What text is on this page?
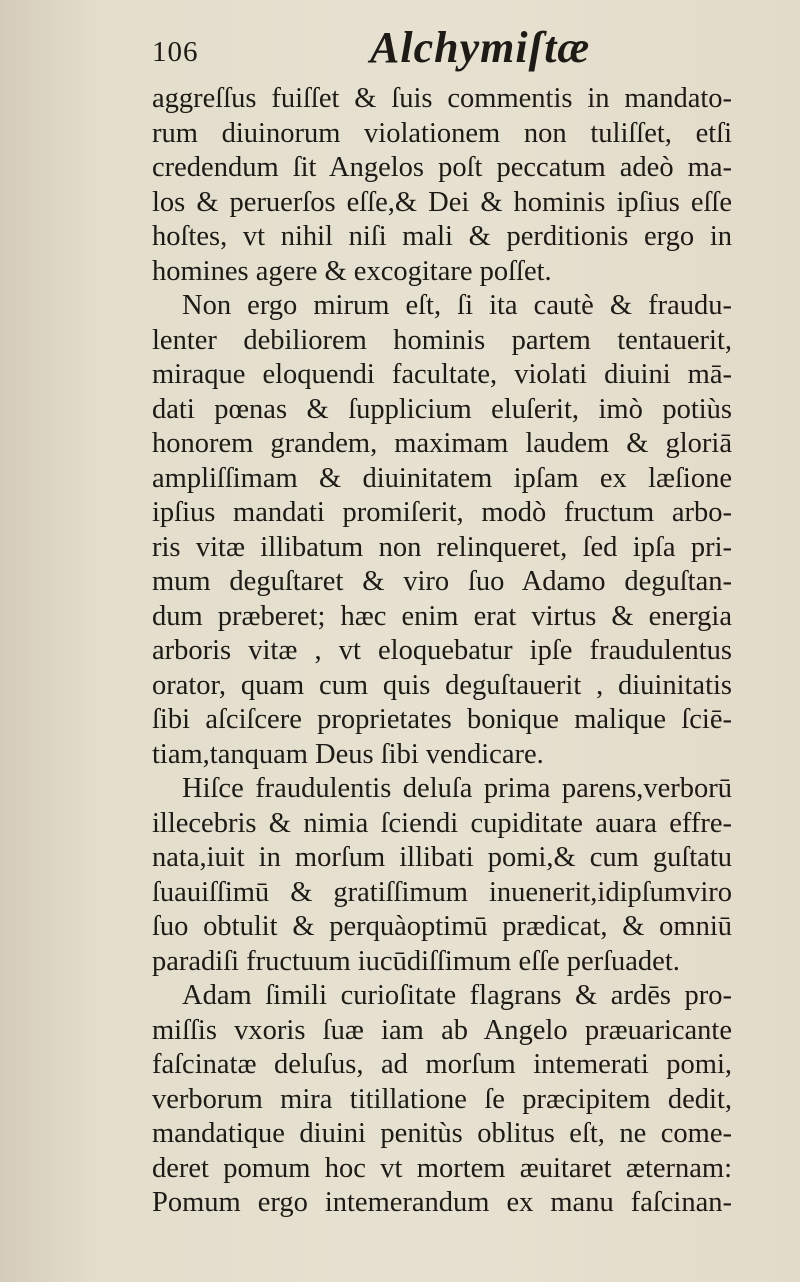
106	Alchymiſtæ
aggreſſus fuiſſet & ſuis commentis in mandato-
rum diuinorum violationem non tuliſſet, etſi
credendum ſit Angelos poſt peccatum adeò ma-
los & peruerſos eſſe,& Dei & hominis ipſius eſſe
hoſtes, vt nihil niſi mali & perditionis ergo in
homines agere & excogitare poſſet.
Non ergo mirum eſt, ſi ita cautè & fraudu-
lenter debiliorem hominis partem tentauerit,
miraque eloquendi facultate, violati diuini mā-
dati pœnas & ſupplicium eluſerit, imò potiùs
honorem grandem, maximam laudem & gloriā
ampliſſimam & diuinitatem ipſam ex læſione
ipſius mandati promiſerit, modò fructum arbo-
ris vitæ illibatum non relinqueret, ſed ipſa pri-
mum deguſtaret & viro ſuo Adamo deguſtan-
dum præberet; hæc enim erat virtus & energia
arboris vitæ , vt eloquebatur ipſe fraudulentus
orator, quam cum quis deguſtauerit , diuinitatis
ſibi aſciſcere proprietates bonique malique ſciē-
tiam,tanquam Deus ſibi vendicare.
Hiſce fraudulentis deluſa prima parens,verborū
illecebris & nimia ſciendi cupiditate auara effre-
nata,iuit in morſum illibati pomi,& cum guſtatu
ſuauiſſimū & gratiſſimum inuenerit,idipſumviro
ſuo obtulit & perquàoptimū prædicat, & omniū
paradiſi fructuum iucūdiſſimum eſſe perſuadet.
Adam ſimili curioſitate flagrans & ardēs pro-
miſſis vxoris ſuæ iam ab Angelo præuaricante
faſcinatæ deluſus, ad morſum intemerati pomi,
verborum mira titillatione ſe præcipitem dedit,
mandatique diuini penitùs oblitus eſt, ne come-
deret pomum hoc vt mortem æuitaret æternam:
Pomum ergo intemerandum ex manu faſcinan-
